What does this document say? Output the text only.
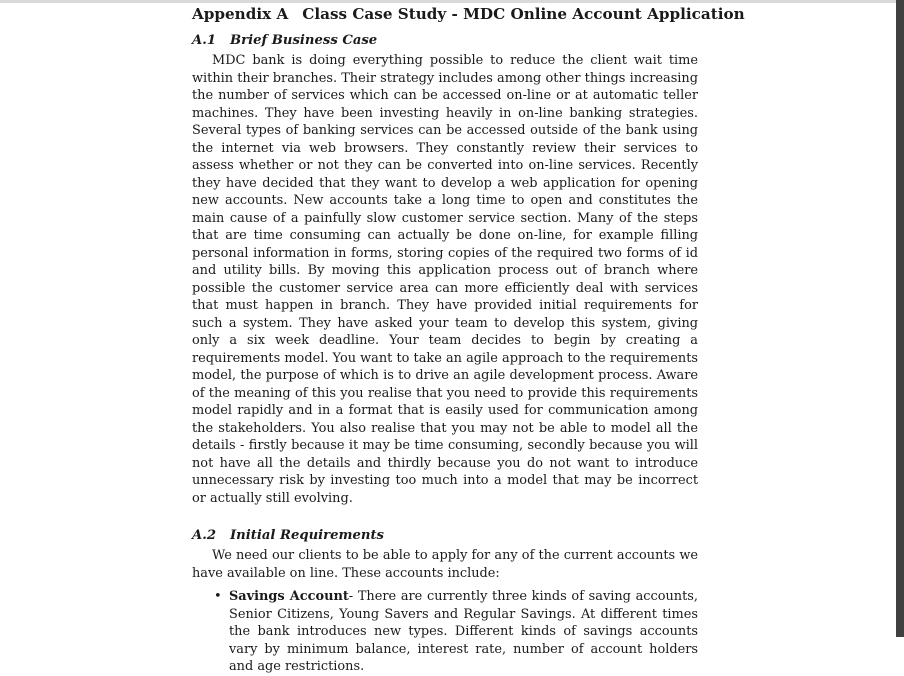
Appendix A Class Case Study - MDC Online Account Application
A.1 Brief Business Case

MDC bank is doing everything possible to reduce the client wait time within their branches. Their strategy includes among other things increasing the number of services which can be accessed on-line or at automatic teller machines. They have been investing heavily in on-line banking strategies. Several types of banking services can be accessed outside of the bank using the internet via web browsers. They constantly review their services to assess whether or not they can be converted into on-line services. Recently they have decided that they want to develop a web application for opening new accounts. New accounts take a long time to open and constitutes the main cause of a painfully slow customer service section. Many of the steps that are time consuming can actually be done on-line, for example filling personal information in forms, storing copies of the required two forms of id and utility bills. By moving this application process out of branch where possible the customer service area can more efficiently deal with services that must happen in branch. They have provided initial requirements for such a system. They have asked your team to develop this system, giving only a six week deadline. Your team decides to begin by creating a requirements model. You want to take an agile approach to the requirements model, the purpose of which is to drive an agile development process. Aware of the meaning of this you realise that you need to provide this requirements model rapidly and in a format that is easily used for communication among the stakeholders. You also realise that you may not be able to model all the details - firstly because it may be time consuming, secondly because you will not have all the details and thirdly because you do not want to introduce unnecessary risk by investing too much into a model that may be incorrect or actually still evolving.

A.2 Initial Requirements

We need our clients to be able to apply for any of the current accounts we have available on line. These accounts include:

• Savings Account- There are currently three kinds of saving accounts, Senior Citizens, Young Savers and Regular Savings. At different times the bank introduces new types. Different kinds of savings accounts vary by minimum balance, interest rate, number of account holders and age restrictions.
